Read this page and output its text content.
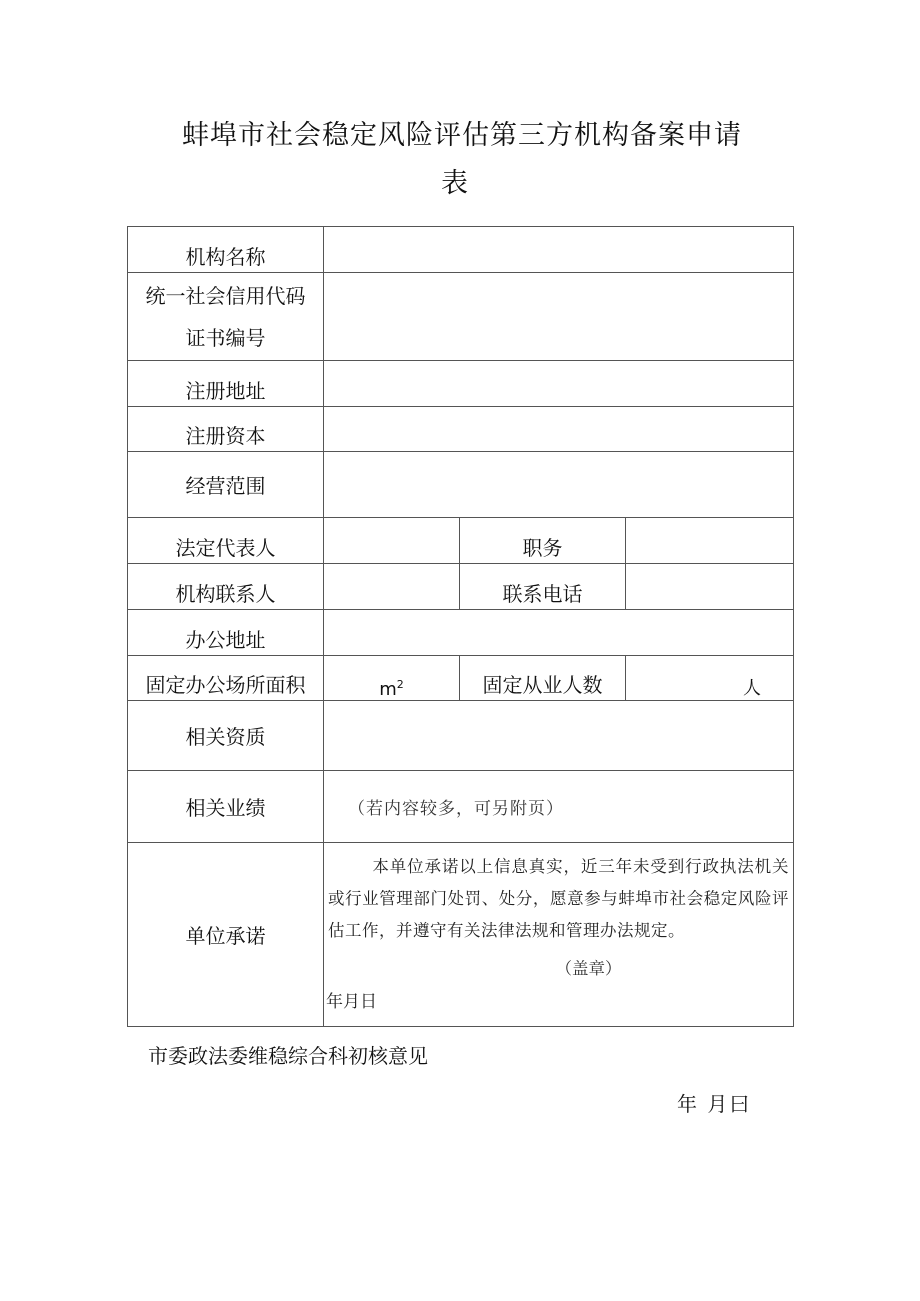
蚌埠市社会稳定风险评估第三方机构备案申请
表
机构名称			

统一社会信用代码
证书编号			

注册地址			
注册资本			
经营范围			
法定代表人		职务	
机构联系人		联系电话	
办公地址			
固定办公场所面积	$m^2$	固定从业人数	人
相关资质			
相关业绩	（若内容较多，可另附页）		
单位承诺	本单位承诺以上信息真实，近三年未受到行政执法机关或行业管理部门处罚、处分，愿意参与蚌埠市社会稳定风险评估工作，并遵守有关法律法规和管理办法规定。
（盖章）
年月日		
市委政法委维稳综合科初核意见
年 月曰
